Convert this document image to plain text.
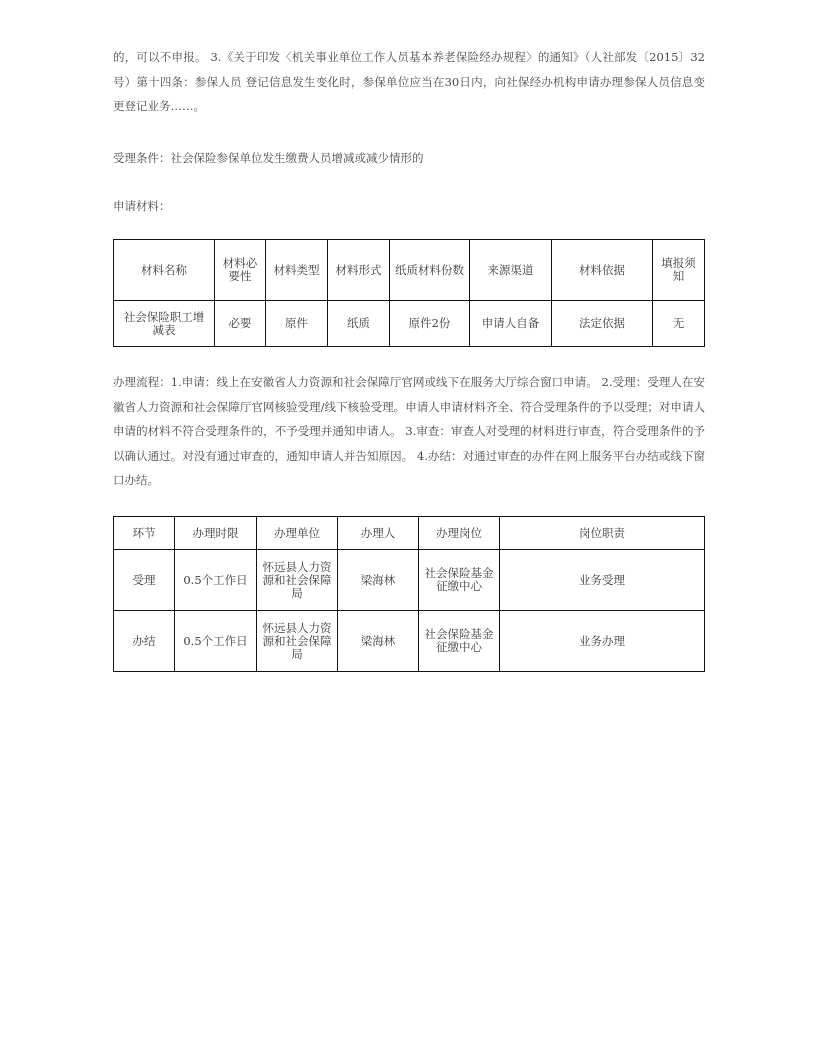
的，可以不申报。 3.《关于印发〈机关事业单位工作人员基本养老保险经办规程〉的通知》（人社部发〔2015〕32号）第十四条：参保人员 登记信息发生变化时，参保单位应当在30日内，向社保经办机构申请办理参保人员信息变更登记业务……。

受理条件：社会保险参保单位发生缴费人员增减或减少情形的

申请材料：

材料名称	材料必要性	材料类型	材料形式	纸质材料份数	来源渠道	材料依据	填报须知
社会保险职工增减表	必要	原件	纸质	原件2份	申请人自备	法定依据	无

办理流程：1.申请：线上在安徽省人力资源和社会保障厅官网或线下在服务大厅综合窗口申请。 2.受理：受理人在安徽省人力资源和社会保障厅官网核验受理/线下核验受理。申请人申请材料齐全、符合受理条件的予以受理；对申请人申请的材料不符合受理条件的，不予受理并通知申请人。 3.审查：审查人对受理的材料进行审查，符合受理条件的予以确认通过。对没有通过审查的，通知申请人并告知原因。 4.办结：对通过审查的办件在网上服务平台办结或线下窗口办结。

环节	办理时限	办理单位	办理人	办理岗位	岗位职责
受理	0.5个工作日	怀远县人力资源和社会保障局	梁海林	社会保险基金征缴中心	业务受理
办结	0.5个工作日	怀远县人力资源和社会保障局	梁海林	社会保险基金征缴中心	业务办理
